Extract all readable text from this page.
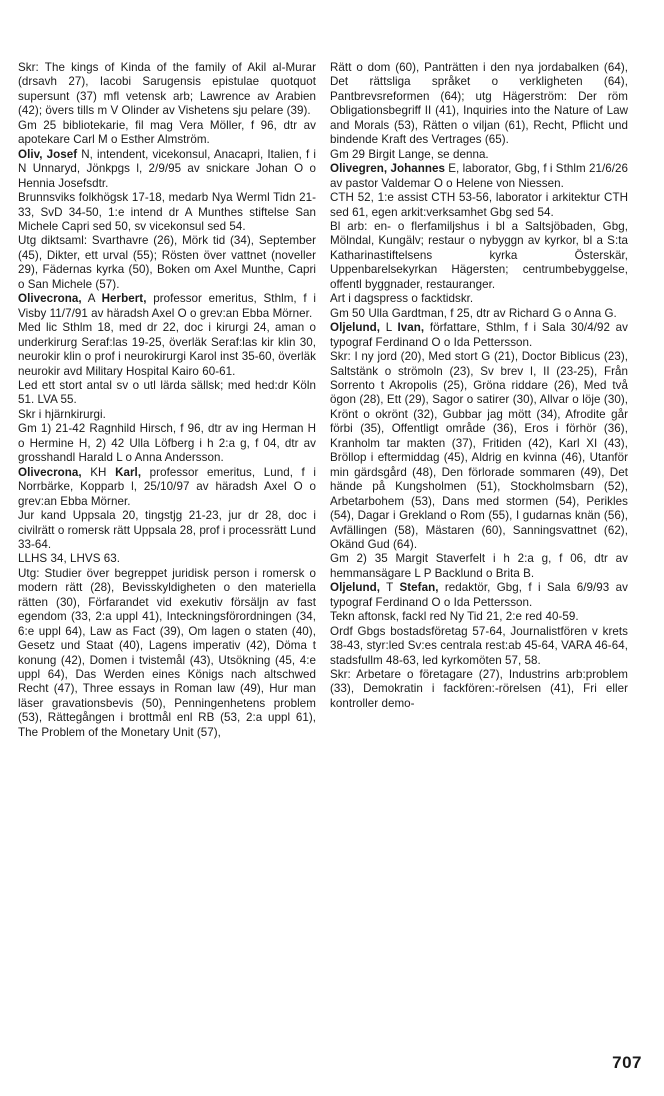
Skr: The kings of Kinda of the family of Akil al-Murar (drsavh 27), Iacobi Sarugensis epistulae quotquot supersunt (37) mfl vetensk arb; Lawrence av Arabien (42); övers tills m V Olinder av Vishetens sju pelare (39).

Gm 25 bibliotekarie, fil mag Vera Möller, f 96, dtr av apotekare Carl M o Esther Almström.

Oliv, Josef N, intendent, vicekonsul, Anacapri, Italien, f i N Unnaryd, Jönkpgs l, 2/9/95 av snickare Johan O o Hennia Josefsdtr.

Brunnsviks folkhögsk 17-18, medarb Nya Werml Tidn 21-33, SvD 34-50, 1:e intend dr A Munthes stiftelse San Michele Capri sed 50, sv vicekonsul sed 54.

Utg diktsaml: Svarthavre (26), Mörk tid (34), September (45), Dikter, ett urval (55); Rösten över vattnet (noveller 29), Fädernas kyrka (50), Boken om Axel Munthe, Capri o San Michele (57).

Olivecrona, A Herbert, professor emeritus, Sthlm, f i Visby 11/7/91 av häradsh Axel O o grev:an Ebba Mörner.

Med lic Sthlm 18, med dr 22, doc i kirurgi 24, aman o underkirurg Seraf:las 19-25, överläk Seraf:las kir klin 30, neurokir klin o prof i neurokirurgi Karol inst 35-60, överläk neurokir avd Military Hospital Kairo 60-61.

Led ett stort antal sv o utl lärda sällsk; med hed:dr Köln 51. LVA 55.

Skr i hjärnkirurgi.

Gm 1) 21-42 Ragnhild Hirsch, f 96, dtr av ing Herman H o Hermine H, 2) 42 Ulla Löfberg i h 2:a g, f 04, dtr av grosshandl Harald L o Anna Andersson.

Olivecrona, KH Karl, professor emeritus, Lund, f i Norrbärke, Kopparb l, 25/10/97 av häradsh Axel O o grev:an Ebba Mörner.

Jur kand Uppsala 20, tingstjg 21-23, jur dr 28, doc i civilrätt o romersk rätt Uppsala 28, prof i processrätt Lund 33-64.

LLHS 34, LHVS 63.

Utg: Studier över begreppet juridisk person i romersk o modern rätt (28), Bevisskyldigheten o den materiella rätten (30), Förfarandet vid exekutiv försäljn av fast egendom (33, 2:a uppl 41), Inteckningsförordningen (34, 6:e uppl 64), Law as Fact (39), Om lagen o staten (40), Gesetz und Staat (40), Lagens imperativ (42), Döma t konung (42), Domen i tvistemål (43), Utsökning (45, 4:e uppl 64), Das Werden eines Königs nach altschwed Recht (47), Three essays in Roman law (49), Hur man läser gravationsbevis (50), Penningenhetens problem (53), Rättegången i brottmål enl RB (53, 2:a uppl 61), The Problem of the Monetary Unit (57),

Rätt o dom (60), Panträtten i den nya jordabalken (64), Det rättsliga språket o verkligheten (64), Pantbrevsreformen (64); utg Hägerström: Der röm Obligationsbegriff II (41), Inquiries into the Nature of Law and Morals (53), Rätten o viljan (61), Recht, Pflicht und bindende Kraft des Vertrages (65).

Gm 29 Birgit Lange, se denna.

Olivegren, Johannes E, laborator, Gbg, f i Sthlm 21/6/26 av pastor Valdemar O o Helene von Niessen.

CTH 52, 1:e assist CTH 53-56, laborator i arkitektur CTH sed 61, egen arkit:verksamhet Gbg sed 54.

Bl arb: en- o flerfamiljshus i bl a Saltsjöbaden, Gbg, Mölndal, Kungälv; restaur o nybyggn av kyrkor, bl a S:ta Katharinastiftelsens kyrka Österskär, Uppenbarelsekyrkan Hägersten; centrumbebyggelse, offentl byggnader, restauranger.

Art i dagspress o facktidskr.

Gm 50 Ulla Gardtman, f 25, dtr av Richard G o Anna G.

Oljelund, L Ivan, författare, Sthlm, f i Sala 30/4/92 av typograf Ferdinand O o Ida Pettersson.

Skr: I ny jord (20), Med stort G (21), Doctor Biblicus (23), Saltstänk o strömoln (23), Sv brev I, II (23-25), Från Sorrento t Akropolis (25), Gröna riddare (26), Med två ögon (28), Ett (29), Sagor o satirer (30), Allvar o löje (30), Krönt o okrönt (32), Gubbar jag mött (34), Afrodite går förbi (35), Offentligt område (36), Eros i förhör (36), Kranholm tar makten (37), Fritiden (42), Karl XI (43), Bröllop i eftermiddag (45), Aldrig en kvinna (46), Utanför min gärdsgård (48), Den förlorade sommaren (49), Det hände på Kungsholmen (51), Stockholmsbarn (52), Arbetarbohem (53), Dans med stormen (54), Perikles (54), Dagar i Grekland o Rom (55), I gudarnas knän (56), Avfällingen (58), Mästaren (60), Sanningsvattnet (62), Okänd Gud (64).

Gm 2) 35 Margit Staverfelt i h 2:a g, f 06, dtr av hemmansägare L P Backlund o Brita B.

Oljelund, T Stefan, redaktör, Gbg, f i Sala 6/9/93 av typograf Ferdinand O o Ida Pettersson.

Tekn aftonsk, fackl red Ny Tid 21, 2:e red 40-59.

Ordf Gbgs bostadsföretag 57-64, Journalistfören v krets 38-43, styr:led Sv:es centrala rest:ab 45-64, VARA 46-64, stadsfullm 48-63, led kyrkomöten 57, 58.

Skr: Arbetare o företagare (27), Industrins arb:problem (33), Demokratin i fackfören:-rörelsen (41), Fri eller kontroller demo-

707
